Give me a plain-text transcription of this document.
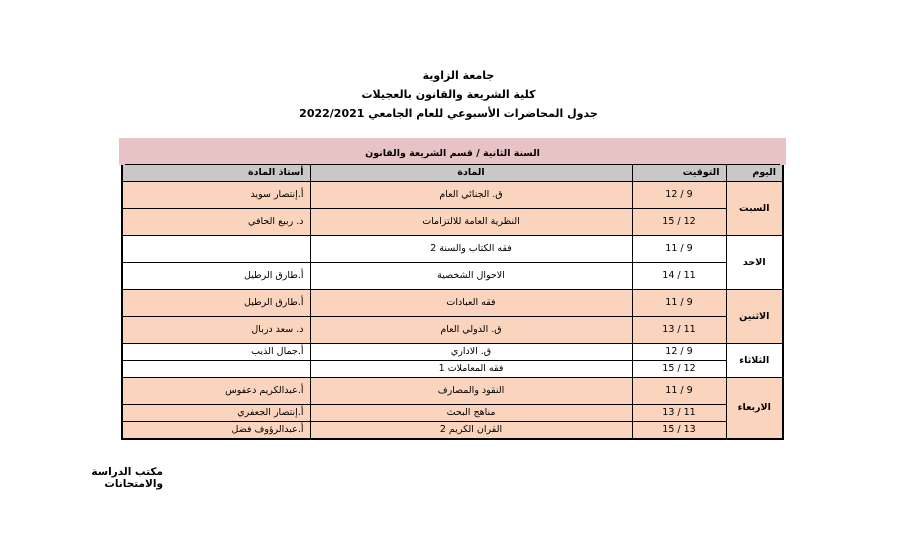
جامعة الزاوية
كلية الشريعة والقانون بالعجيلات
جدول المحاضرات الأسبوعي للعام الجامعي 2022/2021
السنة الثانية / قسم الشريعة والقانون			
اليوم	التوقيت	المادة	أستاذ المادة
السبت	9 / 12	ق. الجنائي العام	أ.إنتصار سويد
	12 / 15	النظرية العامة للالتزامات	د. ربيع الحافي
الاحد	9 / 11	فقه الكتاب والسنة 2	
	11 / 14	الاحوال الشخصية	أ.طارق الرطيل
الاثنين	9 / 11	فقه العبادات	أ.طارق الرطيل
	11 / 13	ق. الدولي العام	د. سعد دربال
الثلاثاء	9 / 12	ق. الاداري	أ.جمال الذيب
	12 / 15	فقه المعاملات 1	
الاربعاء	9 / 11	النقود والمصارف	أ.عبدالكريم دعفوس
	11 / 13	مناهج البحث	أ.إنتصار الجعفري
	13 / 15	القران الكريم 2	أ.عبدالرؤوف فضل
مكتب الدراسة والامتحانات
